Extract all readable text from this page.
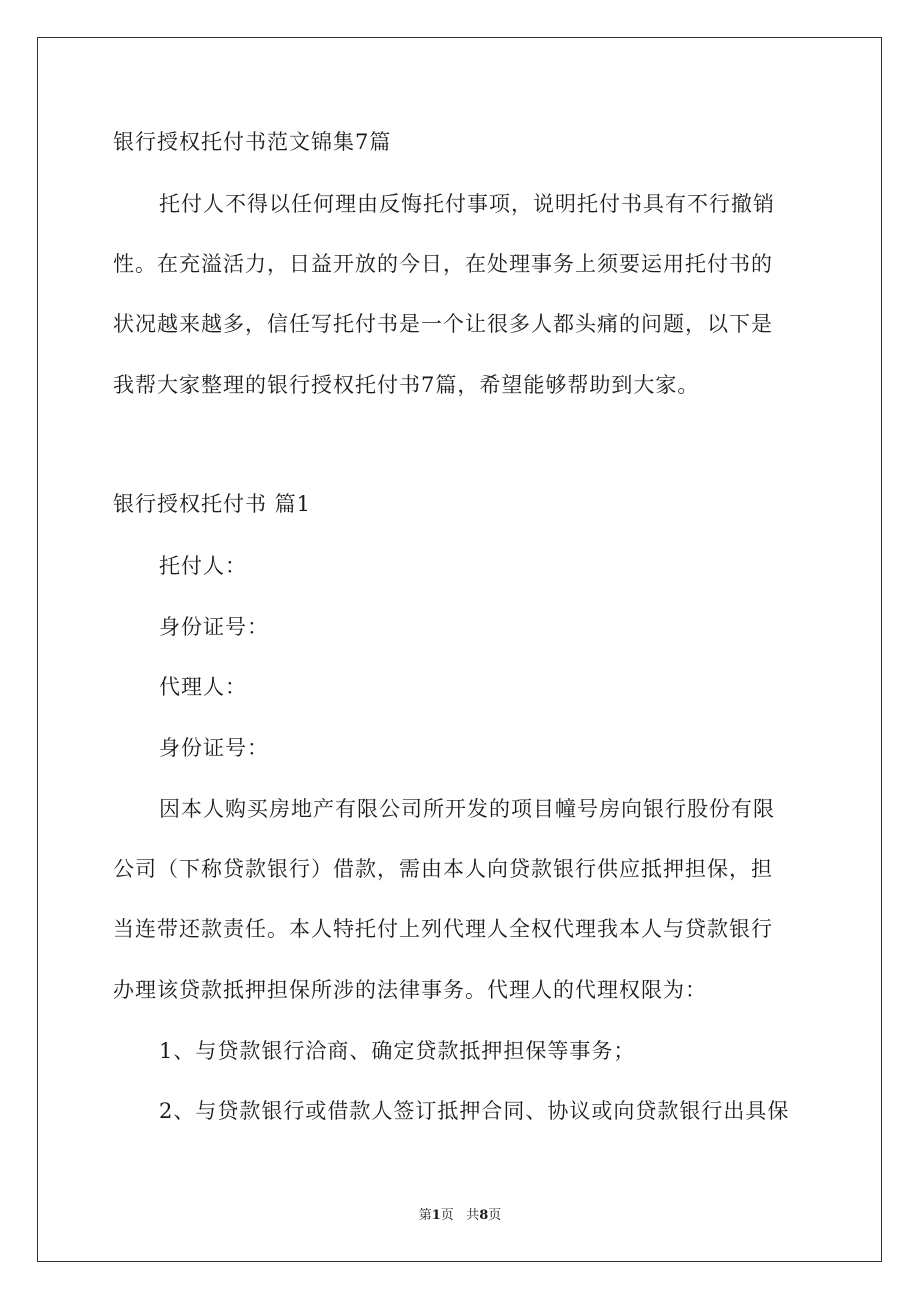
银行授权托付书范文锦集7篇
托付人不得以任何理由反悔托付事项，说明托付书具有不行撤销
性。在充溢活力，日益开放的今日，在处理事务上须要运用托付书的
状况越来越多，信任写托付书是一个让很多人都头痛的问题，以下是
我帮大家整理的银行授权托付书7篇，希望能够帮助到大家。
银行授权托付书 篇1
托付人：
身份证号：
代理人：
身份证号：
因本人购买房地产有限公司所开发的项目幢号房向银行股份有限
公司（下称贷款银行）借款，需由本人向贷款银行供应抵押担保，担
当连带还款责任。本人特托付上列代理人全权代理我本人与贷款银行
办理该贷款抵押担保所涉的法律事务。代理人的代理权限为：
1、与贷款银行洽商、确定贷款抵押担保等事务；
2、与贷款银行或借款人签订抵押合同、协议或向贷款银行出具保
第1页 共8页
